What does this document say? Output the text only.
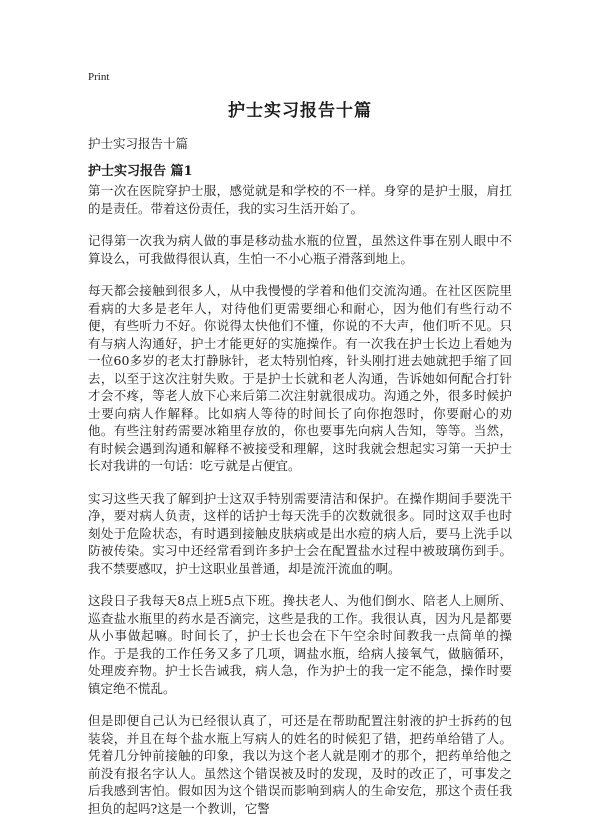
Print
护士实习报告十篇

护士实习报告十篇

护士实习报告 篇1

第一次在医院穿护士服，感觉就是和学校的不一样。身穿的是护士服，肩扛的是责任。带着这份责任，我的实习生活开始了。

记得第一次我为病人做的事是移动盐水瓶的位置，虽然这件事在别人眼中不算设么，可我做得很认真，生怕一不小心瓶子滑落到地上。

每天都会接触到很多人，从中我慢慢的学着和他们交流沟通。在社区医院里看病的大多是老年人，对待他们更需要细心和耐心，因为他们有些行动不便，有些听力不好。你说得太快他们不懂，你说的不大声，他们听不见。只有与病人沟通好，护士才能更好的实施操作。有一次我在护士长边上看她为一位60多岁的老太打静脉针，老太特别怕疼，针头刚打进去她就把手缩了回去，以至于这次注射失败。于是护士长就和老人沟通，告诉她如何配合打针才会不疼，等老人放下心来后第二次注射就很成功。沟通之外，很多时候护士要向病人作解释。比如病人等待的时间长了向你抱怨时，你要耐心的劝他。有些注射药需要冰箱里存放的，你也要事先向病人告知，等等。当然，有时候会遇到沟通和解释不被接受和理解，这时我就会想起实习第一天护士长对我讲的一句话：吃亏就是占便宜。

实习这些天我了解到护士这双手特别需要清洁和保护。在操作期间手要洗干净，要对病人负责，这样的话护士每天洗手的次数就很多。同时这双手也时刻处于危险状态，有时遇到接触皮肤病或是出水痘的病人后，要马上洗手以防被传染。实习中还经常看到许多护士会在配置盐水过程中被玻璃伤到手。我不禁要感叹，护士这职业虽普通，却是流汗流血的啊。

这段日子我每天8点上班5点下班。搀扶老人、为他们倒水、陪老人上厕所、巡查盐水瓶里的药水是否滴完，这些是我的工作。我很认真，因为凡是都要从小事做起嘛。时间长了，护士长也会在下午空余时间教我一点简单的操作。于是我的工作任务又多了几项，调盐水瓶，给病人接氧气，做脑循环，处理废弃物。护士长告诫我，病人急，作为护士的我一定不能急，操作时要镇定绝不慌乱。

但是即便自己认为已经很认真了，可还是在帮助配置注射液的护士拆药的包装袋，并且在每个盐水瓶上写病人的姓名的时候犯了错，把药单给错了人。凭着几分钟前接触的印象，我以为这个老人就是刚才的那个，把药单给他之前没有报名字认人。虽然这个错误被及时的发现，及时的改正了，可事发之后我感到害怕。假如因为这个错误而影响到病人的生命安危，那这个责任我担负的起吗?这是一个教训，它警
